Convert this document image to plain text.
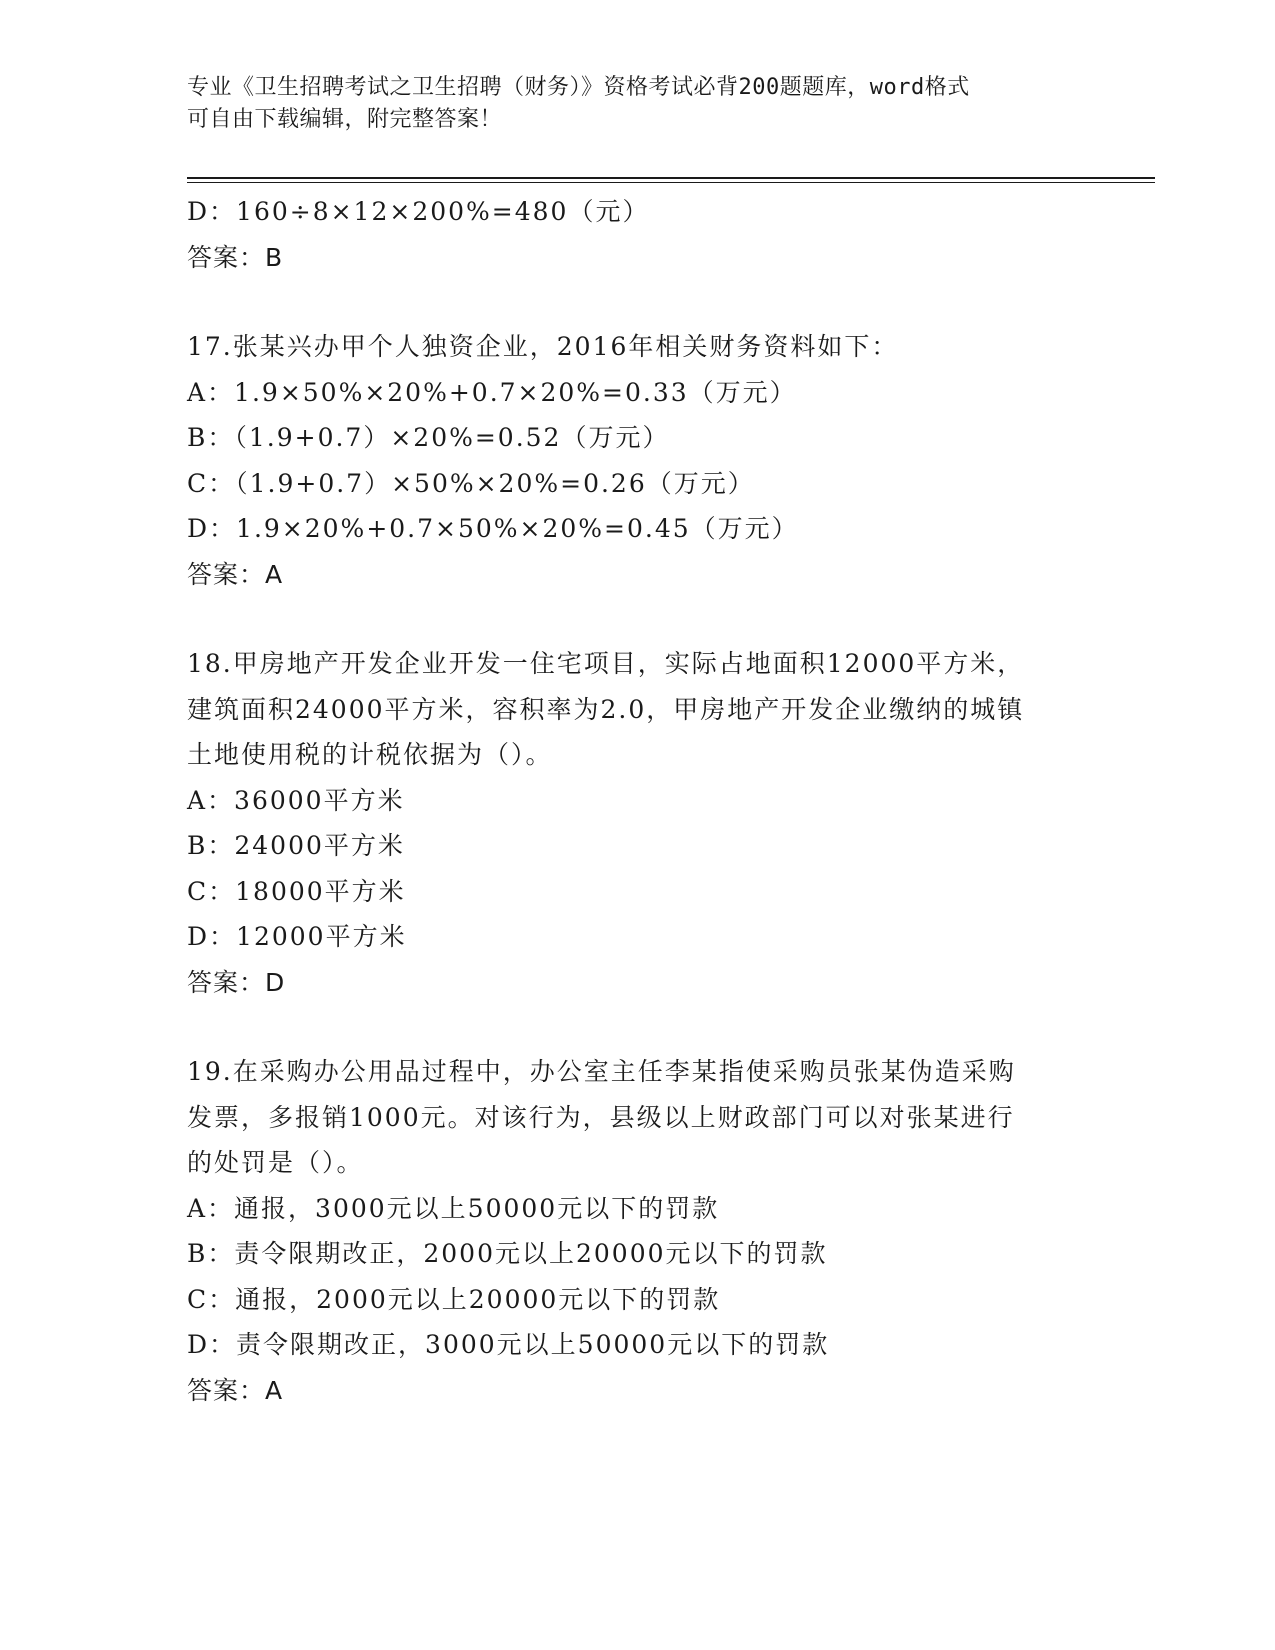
专业《卫生招聘考试之卫生招聘（财务）》资格考试必背200题题库，word格式
可自由下载编辑，附完整答案！
D：160÷8×12×200%=480（元）
答案：B
17.张某兴办甲个人独资企业，2016年相关财务资料如下：
A：1.9×50%×20%+0.7×20%=0.33（万元）
B：（1.9+0.7）×20%=0.52（万元）
C：（1.9+0.7）×50%×20%=0.26（万元）
D：1.9×20%+0.7×50%×20%=0.45（万元）
答案：A
18.甲房地产开发企业开发一住宅项目，实际占地面积12000平方米，
建筑面积24000平方米，容积率为2.0，甲房地产开发企业缴纳的城镇
土地使用税的计税依据为（）。
A：36000平方米
B：24000平方米
C：18000平方米
D：12000平方米
答案：D
19.在采购办公用品过程中，办公室主任李某指使采购员张某伪造采购
发票，多报销1000元。对该行为，县级以上财政部门可以对张某进行
的处罚是（）。
A：通报，3000元以上50000元以下的罚款
B：责令限期改正，2000元以上20000元以下的罚款
C：通报，2000元以上20000元以下的罚款
D：责令限期改正，3000元以上50000元以下的罚款
答案：A
